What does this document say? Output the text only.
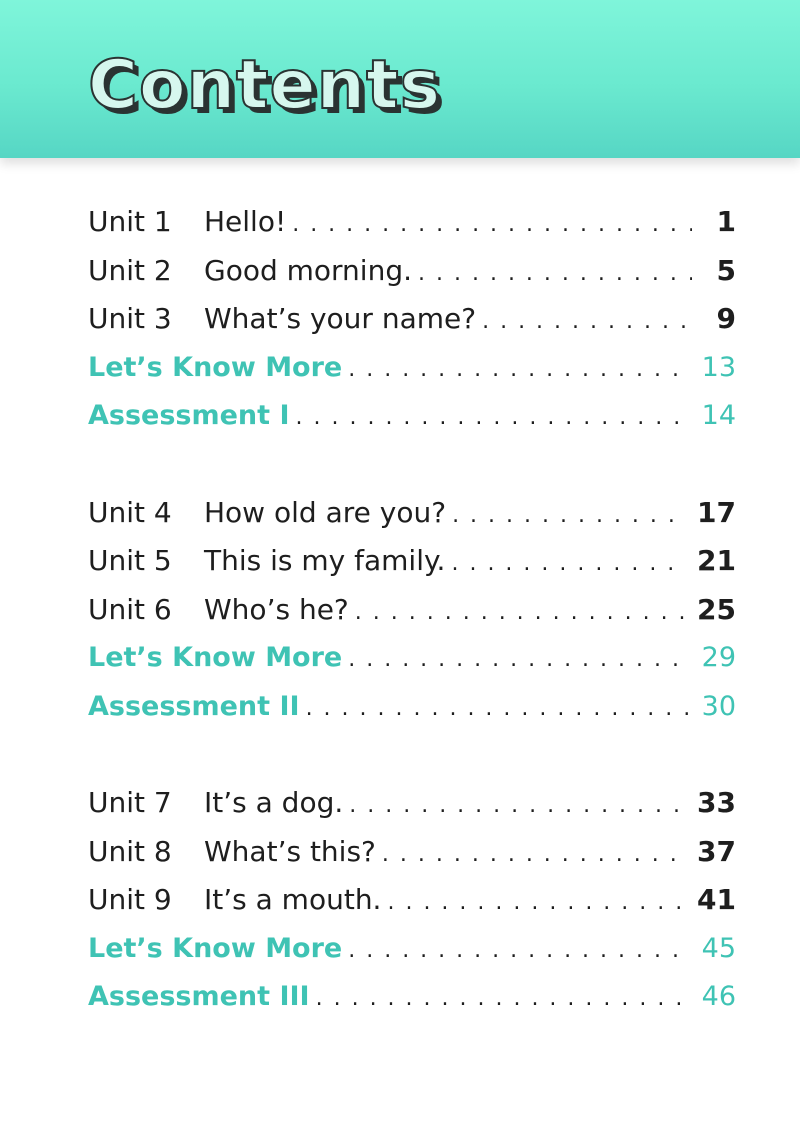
Contents
Unit 1	Hello! . . .	1
Unit 2	Good morning. . . .	5
Unit 3	What’s your name? . . .	9
Let’s Know More . . .	13
Assessment I . . .	14
Unit 4	How old are you? . . .	17
Unit 5	This is my family. . . .	21
Unit 6	Who’s he? . . .	25
Let’s Know More . . .	29
Assessment II . . .	30
Unit 7	It’s a dog. . . .	33
Unit 8	What’s this? . . .	37
Unit 9	It’s a mouth. . . .	41
Let’s Know More . . .	45
Assessment III . . .	46
